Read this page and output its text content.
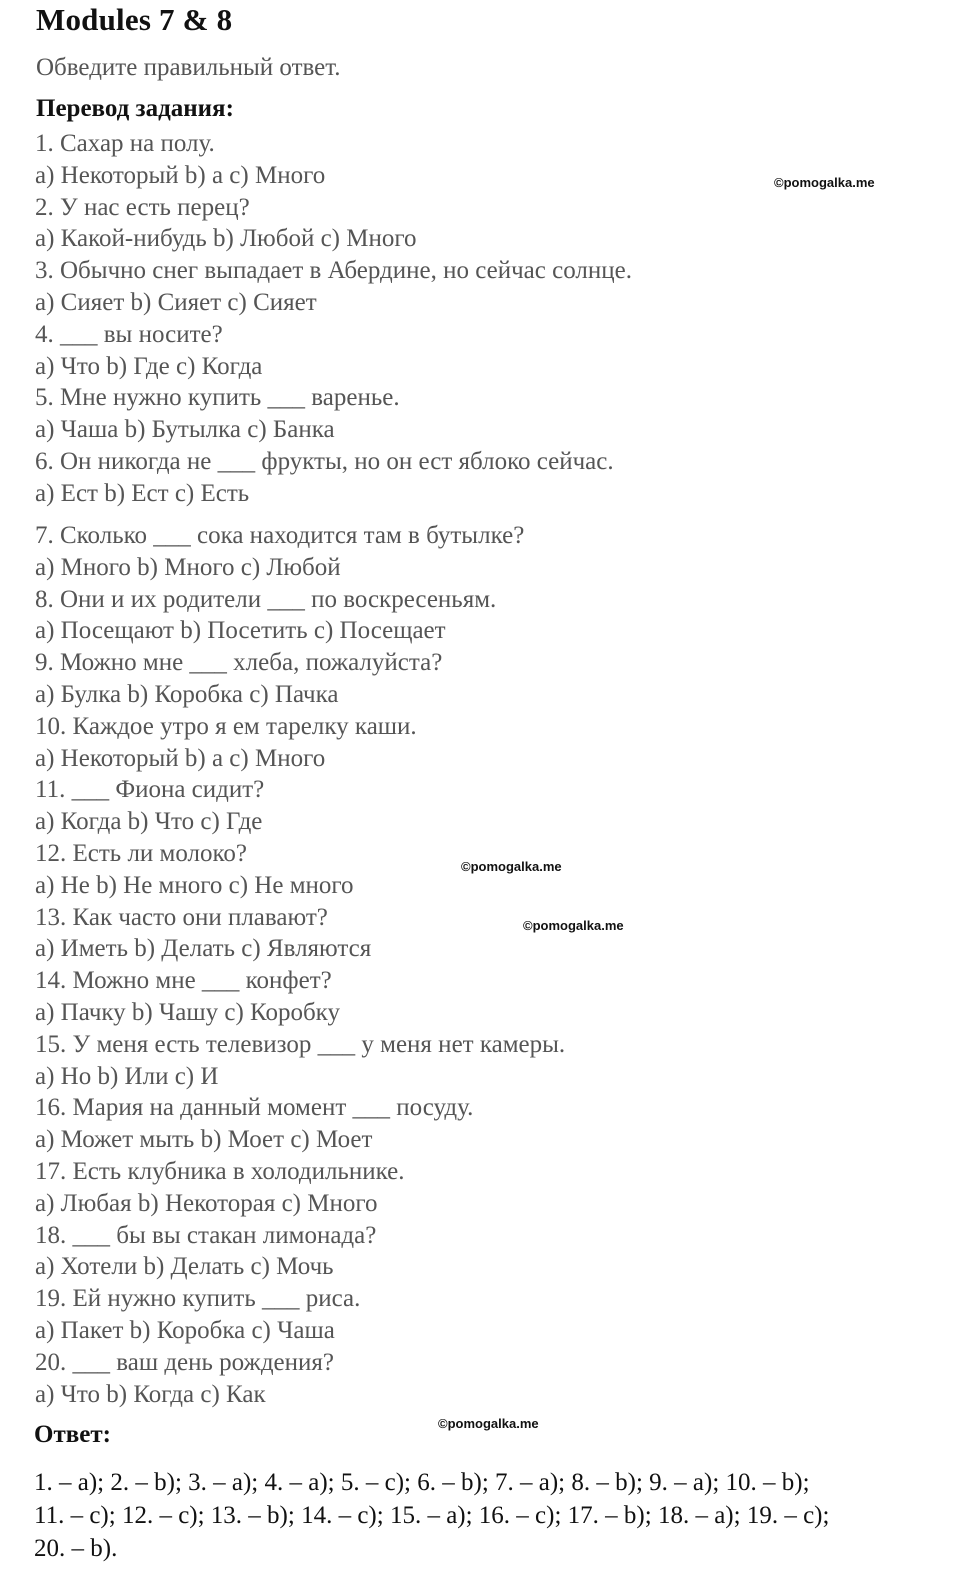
Modules 7 & 8
Обведите правильный ответ.
Перевод задания:
1. Сахар на полу.
a) Некоторый b) a c) Много
2. У нас есть перец?
a) Какой-нибудь b) Любой c) Много
3. Обычно снег выпадает в Абердине, но сейчас солнце.
a) Сияет b) Сияет c) Сияет
4. ___ вы носите?
a) Что b) Где c) Когда
5. Мне нужно купить ___ варенье.
a) Чаша b) Бутылка c) Банка
6. Он никогда не ___ фрукты, но он ест яблоко сейчас.
a) Ест b) Ест c) Есть
7. Сколько ___ сока находится там в бутылке?
a) Много b) Много c) Любой
8. Они и их родители ___ по воскресеньям.
a) Посещают b) Посетить c) Посещает
9. Можно мне ___ хлеба, пожалуйста?
a) Булка b) Коробка c) Пачка
10. Каждое утро я ем тарелку каши.
a) Некоторый b) a c) Много
11. ___ Фиона сидит?
a) Когда b) Что c) Где
12. Есть ли молоко?
a) Не b) Не много c) Не много
13. Как часто они плавают?
a) Иметь b) Делать c) Являются
14. Можно мне ___ конфет?
a) Пачку b) Чашу c) Коробку
15. У меня есть телевизор ___ у меня нет камеры.
a) Но b) Или c) И
16. Мария на данный момент ___ посуду.
a) Может мыть b) Моет c) Моет
17. Есть клубника в холодильнике.
a) Любая b) Некоторая c) Много
18. ___ бы вы стакан лимонада?
a) Хотели b) Делать c) Мочь
19. Ей нужно купить ___ риса.
a) Пакет b) Коробка c) Чаша
20. ___ ваш день рождения?
a) Что b) Когда c) Как
©pomogalka.me
©pomogalka.me
©pomogalka.me
©pomogalka.me
Ответ:
1. – a); 2. – b); 3. – a); 4. – a); 5. – c); 6. – b); 7. – a); 8. – b); 9. – a); 10. – b);
11. – c); 12. – c); 13. – b); 14. – c); 15. – a); 16. – c); 17. – b); 18. – a); 19. – c);
20. – b).
